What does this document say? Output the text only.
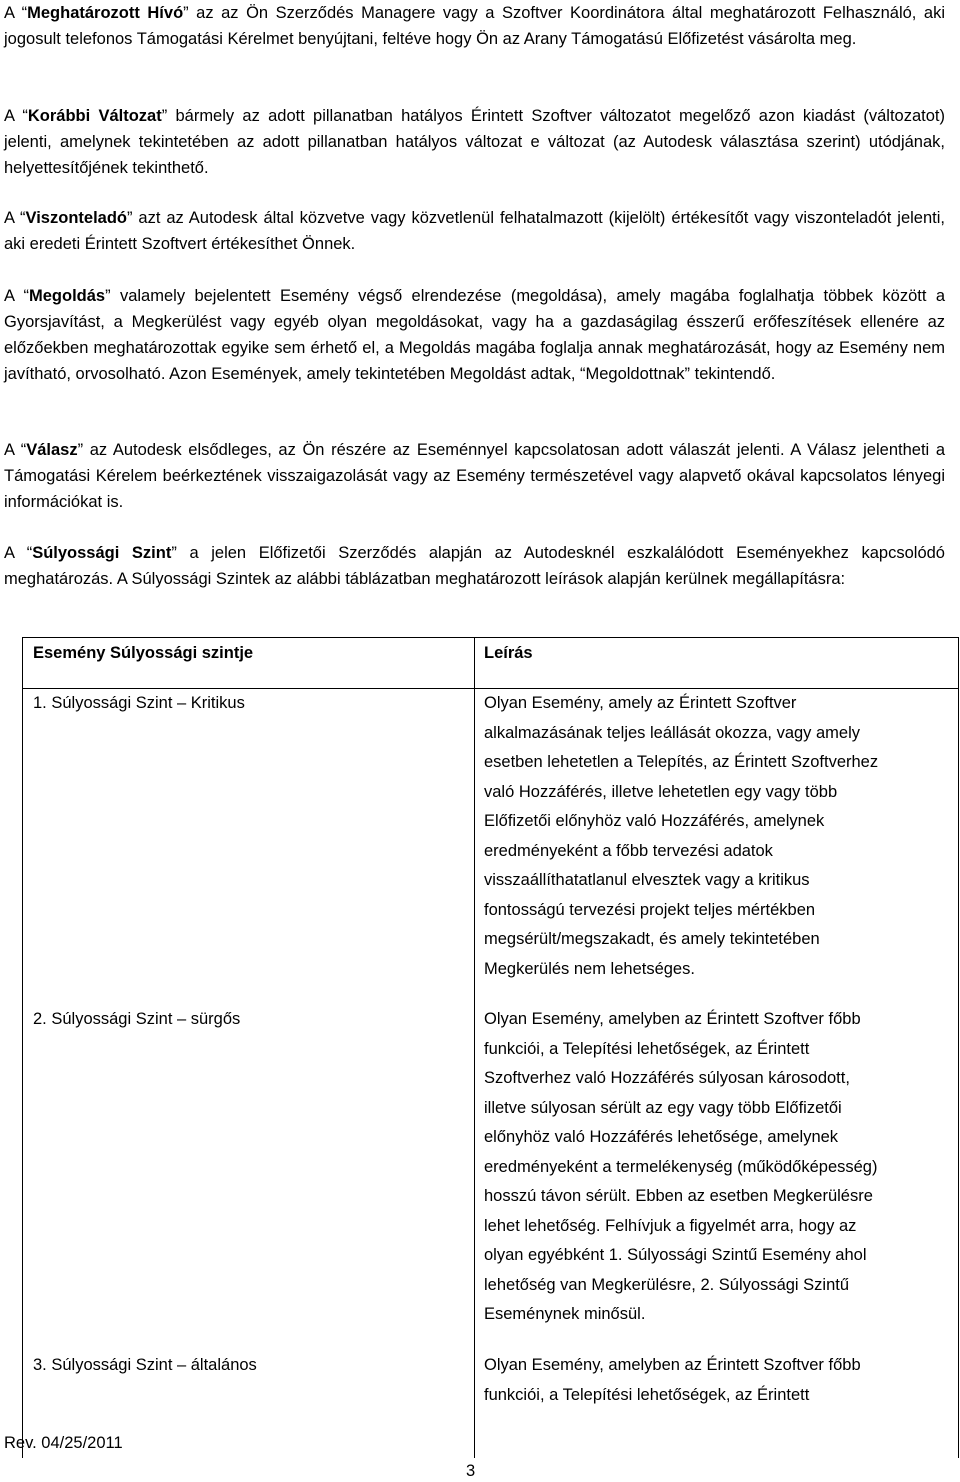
A “Meghatározott Hívó” az az Ön Szerződés Managere vagy a Szoftver Koordinátora által meghatározott Felhasználó, aki jogosult telefonos Támogatási Kérelmet benyújtani, feltéve hogy Ön az Arany Támogatású Előfizetést vásárolta meg.

A “Korábbi Változat” bármely az adott pillanatban hatályos Érintett Szoftver változatot megelőző azon kiadást (változatot) jelenti, amelynek tekintetében az adott pillanatban hatályos változat e változat (az Autodesk választása szerint) utódjának, helyettesítőjének tekinthető.

A “Viszonteladó” azt az Autodesk által közvetve vagy közvetlenül felhatalmazott (kijelölt) értékesítőt vagy viszonteladót jelenti, aki eredeti Érintett Szoftvert értékesíthet Önnek.

A “Megoldás” valamely bejelentett Esemény végső elrendezése (megoldása), amely magába foglalhatja többek között a Gyorsjavítást, a Megkerülést vagy egyéb olyan megoldásokat, vagy ha a gazdaságilag ésszerű erőfeszítések ellenére az előzőekben meghatározottak egyike sem érhető el, a Megoldás magába foglalja annak meghatározását, hogy az Esemény nem javítható, orvosolható. Azon Események, amely tekintetében Megoldást adtak, “Megoldottnak” tekintendő.

A “Válasz” az Autodesk elsődleges, az Ön részére az Eseménnyel kapcsolatosan adott válaszát jelenti. A Válasz jelentheti a Támogatási Kérelem beérkeztének visszaigazolását vagy az Esemény természetével vagy alapvető okával kapcsolatos lényegi információkat is.

A “Súlyossági Szint” a jelen Előfizetői Szerződés alapján az Autodesknél eszkalálódott Eseményekhez kapcsolódó meghatározás. A Súlyossági Szintek az alábbi táblázatban meghatározott leírások alapján kerülnek megállapításra:

Esemény Súlyossági szintje	Leírás
1. Súlyossági Szint – Kritikus	Olyan Esemény, amely az Érintett Szoftver
alkalmazásának teljes leállását okozza, vagy amely
esetben lehetetlen a Telepítés, az Érintett Szoftverhez
való Hozzáférés, illetve lehetetlen egy vagy több
Előfizetői előnyhöz való Hozzáférés, amelynek
eredményeként a főbb tervezési adatok
visszaállíthatatlanul elvesztek vagy a kritikus
fontosságú tervezési projekt teljes mértékben
megsérült/megszakadt, és amely tekintetében
Megkerülés nem lehetséges.
2. Súlyossági Szint – sürgős	Olyan Esemény, amelyben az Érintett Szoftver főbb
funkciói, a Telepítési lehetőségek, az Érintett
Szoftverhez való Hozzáférés súlyosan károsodott,
illetve súlyosan sérült az egy vagy több Előfizetői
előnyhöz való Hozzáférés lehetősége, amelynek
eredményeként a termelékenység (működőképesség)
hosszú távon sérült. Ebben az esetben Megkerülésre
lehet lehetőség. Felhívjuk a figyelmét arra, hogy az
olyan egyébként 1. Súlyossági Szintű Esemény ahol
lehetőség van Megkerülésre, 2. Súlyossági Szintű
Eseménynek minősül.
3. Súlyossági Szint – általános	Olyan Esemény, amelyben az Érintett Szoftver főbb
funkciói, a Telepítési lehetőségek, az Érintett
Rev. 04/25/2011
3
